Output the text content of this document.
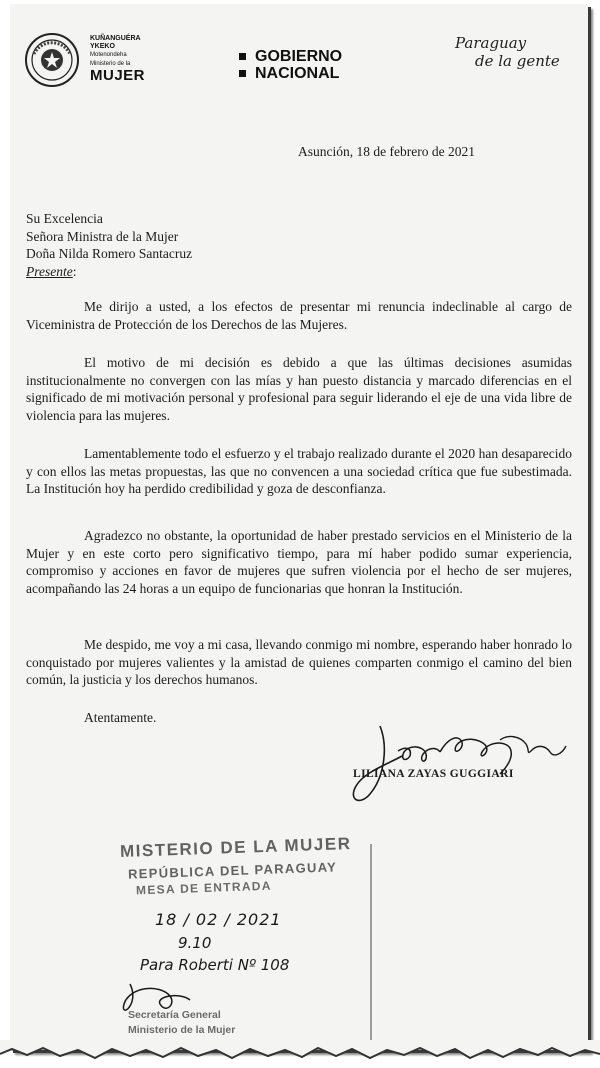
KUÑANGUÉRA
YKEKO
Motenondeha
Ministerio de la
MUJER
GOBIERNO
NACIONAL
Paraguay
de la gente
Asunción, 18 de febrero de 2021
Su Excelencia
Señora Ministra de la Mujer
Doña Nilda Romero Santacruz
Presente:

Me dirijo a usted, a los efectos de presentar mi renuncia indeclinable al cargo de Viceministra de Protección de los Derechos de las Mujeres.

El motivo de mi decisión es debido a que las últimas decisiones asumidas institucionalmente no convergen con las mías y han puesto distancia y marcado diferencias en el significado de mi motivación personal y profesional para seguir liderando el eje de una vida libre de violencia para las mujeres.

Lamentablemente todo el esfuerzo y el trabajo realizado durante el 2020 han desaparecido y con ellos las metas propuestas, las que no convencen a una sociedad crítica que fue subestimada. La Institución hoy ha perdido credibilidad y goza de desconfianza.

Agradezco no obstante, la oportunidad de haber prestado servicios en el Ministerio de la Mujer y en este corto pero significativo tiempo, para mí haber podido sumar experiencia, compromiso y acciones en favor de mujeres que sufren violencia por el hecho de ser mujeres, acompañando las 24 horas a un equipo de funcionarias que honran la Institución.

Me despido, me voy a mi casa, llevando conmigo mi nombre, esperando haber honrado lo conquistado por mujeres valientes y la amistad de quienes comparten conmigo el camino del bien común, la justicia y los derechos humanos.

Atentamente.
LILIANA ZAYAS GUGGIARI
MISTERIO DE LA MUJER
REPÚBLICA DEL PARAGUAY
MESA DE ENTRADA
18 / 02 / 2021
9.10
Para Roberti Nº 108
Secretaría General
Ministerio de la Mujer
